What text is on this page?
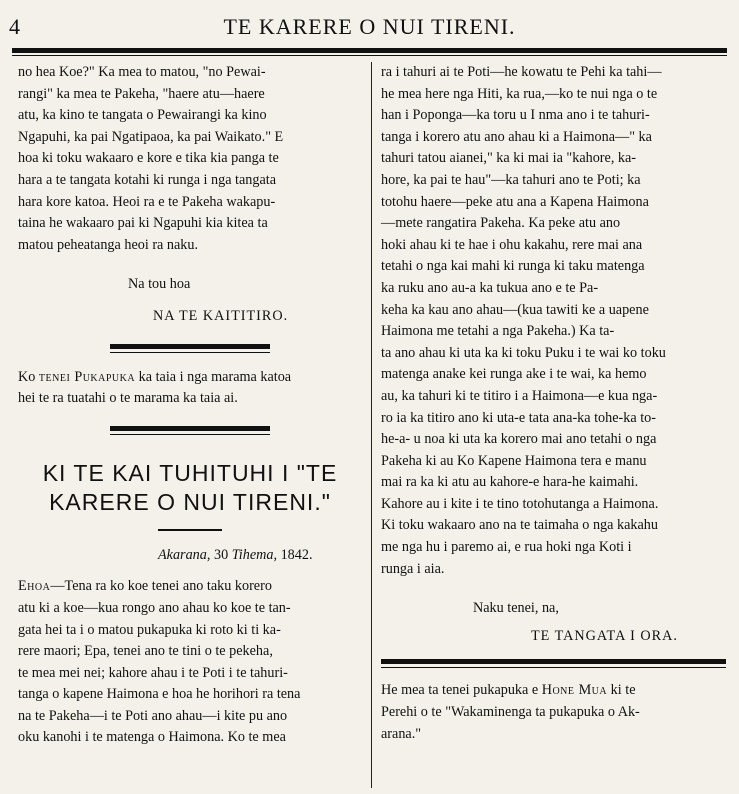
4	TE KARERE O NUI TIRENI.

no hea Koe?" Ka mea to matou, "no Pewai-
rangi" ka mea te Pakeha, "haere atu—haere
atu, ka kino te tangata o Pewairangi ka kino
Ngapuhi, ka pai Ngatipaoa, ka pai Waikato." E
hoa ki toku wakaaro e kore e tika kia panga te
hara a te tangata kotahi ki runga i nga tangata
hara kore katoa. Heoi ra e te Pakeha wakapu-
taina he wakaaro pai ki Ngapuhi kia kitea ta
matou peheatanga heoi ra naku.

Na tou hoa

NA TE KAITITIRO.

Ko tenei Pukapuka ka taia i nga marama katoa
hei te ra tuatahi o te marama ka taia ai.

KI TE KAI TUHITUHI I "TE
KARERE O NUI TIRENI."

Akarana, 30 Tihema, 1842.

Ehoa—Tena ra ko koe tenei ano taku korero
atu ki a koe—kua rongo ano ahau ko koe te tan-
gata hei ta i o matou pukapuka ki roto ki ti ka-
rere maori; Epa, tenei ano te tini o te pekeha,
te mea mei nei; kahore ahau i te Poti i te tahuri-
tanga o kapene Haimona e hoa he horihori ra tena
na te Pakeha—i te Poti ano ahau—i kite pu ano
oku kanohi i te matenga o Haimona. Ko te mea

ra i tahuri ai te Poti—he kowatu te Pehi ka tahi—
he mea here nga Hiti, ka rua,—ko te nui nga o te
han i Poponga—ka toru u I nma ano i te tahuri-
tanga i korero atu ano ahau ki a Haimona—" ka
tahuri tatou aianei," ka ki mai ia "kahore, ka-
hore, ka pai te hau"—ka tahuri ano te Poti; ka
totohu haere—peke atu ana a Kapena Haimona
—mete rangatira Pakeha. Ka peke atu ano
hoki ahau ki te hae i ohu kakahu, rere mai ana
tetahi o nga kai mahi ki runga ki taku matenga
ka ruku ano au-a ka tukua ano e te Pa-
keha ka kau ano ahau—(kua tawiti ke a uapene
Haimona me tetahi a nga Pakeha.) Ka ta-
ta ano ahau ki uta ka ki toku Puku i te wai ko toku
matenga anake kei runga ake i te wai, ka hemo
au, ka tahuri ki te titiro i a Haimona—e kua nga-
ro ia ka titiro ano ki uta-e tata ana-ka tohe-ka to-
he-a- u noa ki uta ka korero mai ano tetahi o nga
Pakeha ki au Ko Kapene Haimona tera e manu
mai ra ka ki atu au kahore-e hara-he kaimahi.
Kahore au i kite i te tino totohutanga a Haimona.
Ki toku wakaaro ano na te taimaha o nga kakahu
me nga hu i paremo ai, e rua hoki nga Koti i
runga i aia.

Naku tenei, na,

TE TANGATA I ORA.

He mea ta tenei pukapuka e Hone Mua ki te
Perehi o te "Wakaminenga ta pukapuka o Ak-
arana."
